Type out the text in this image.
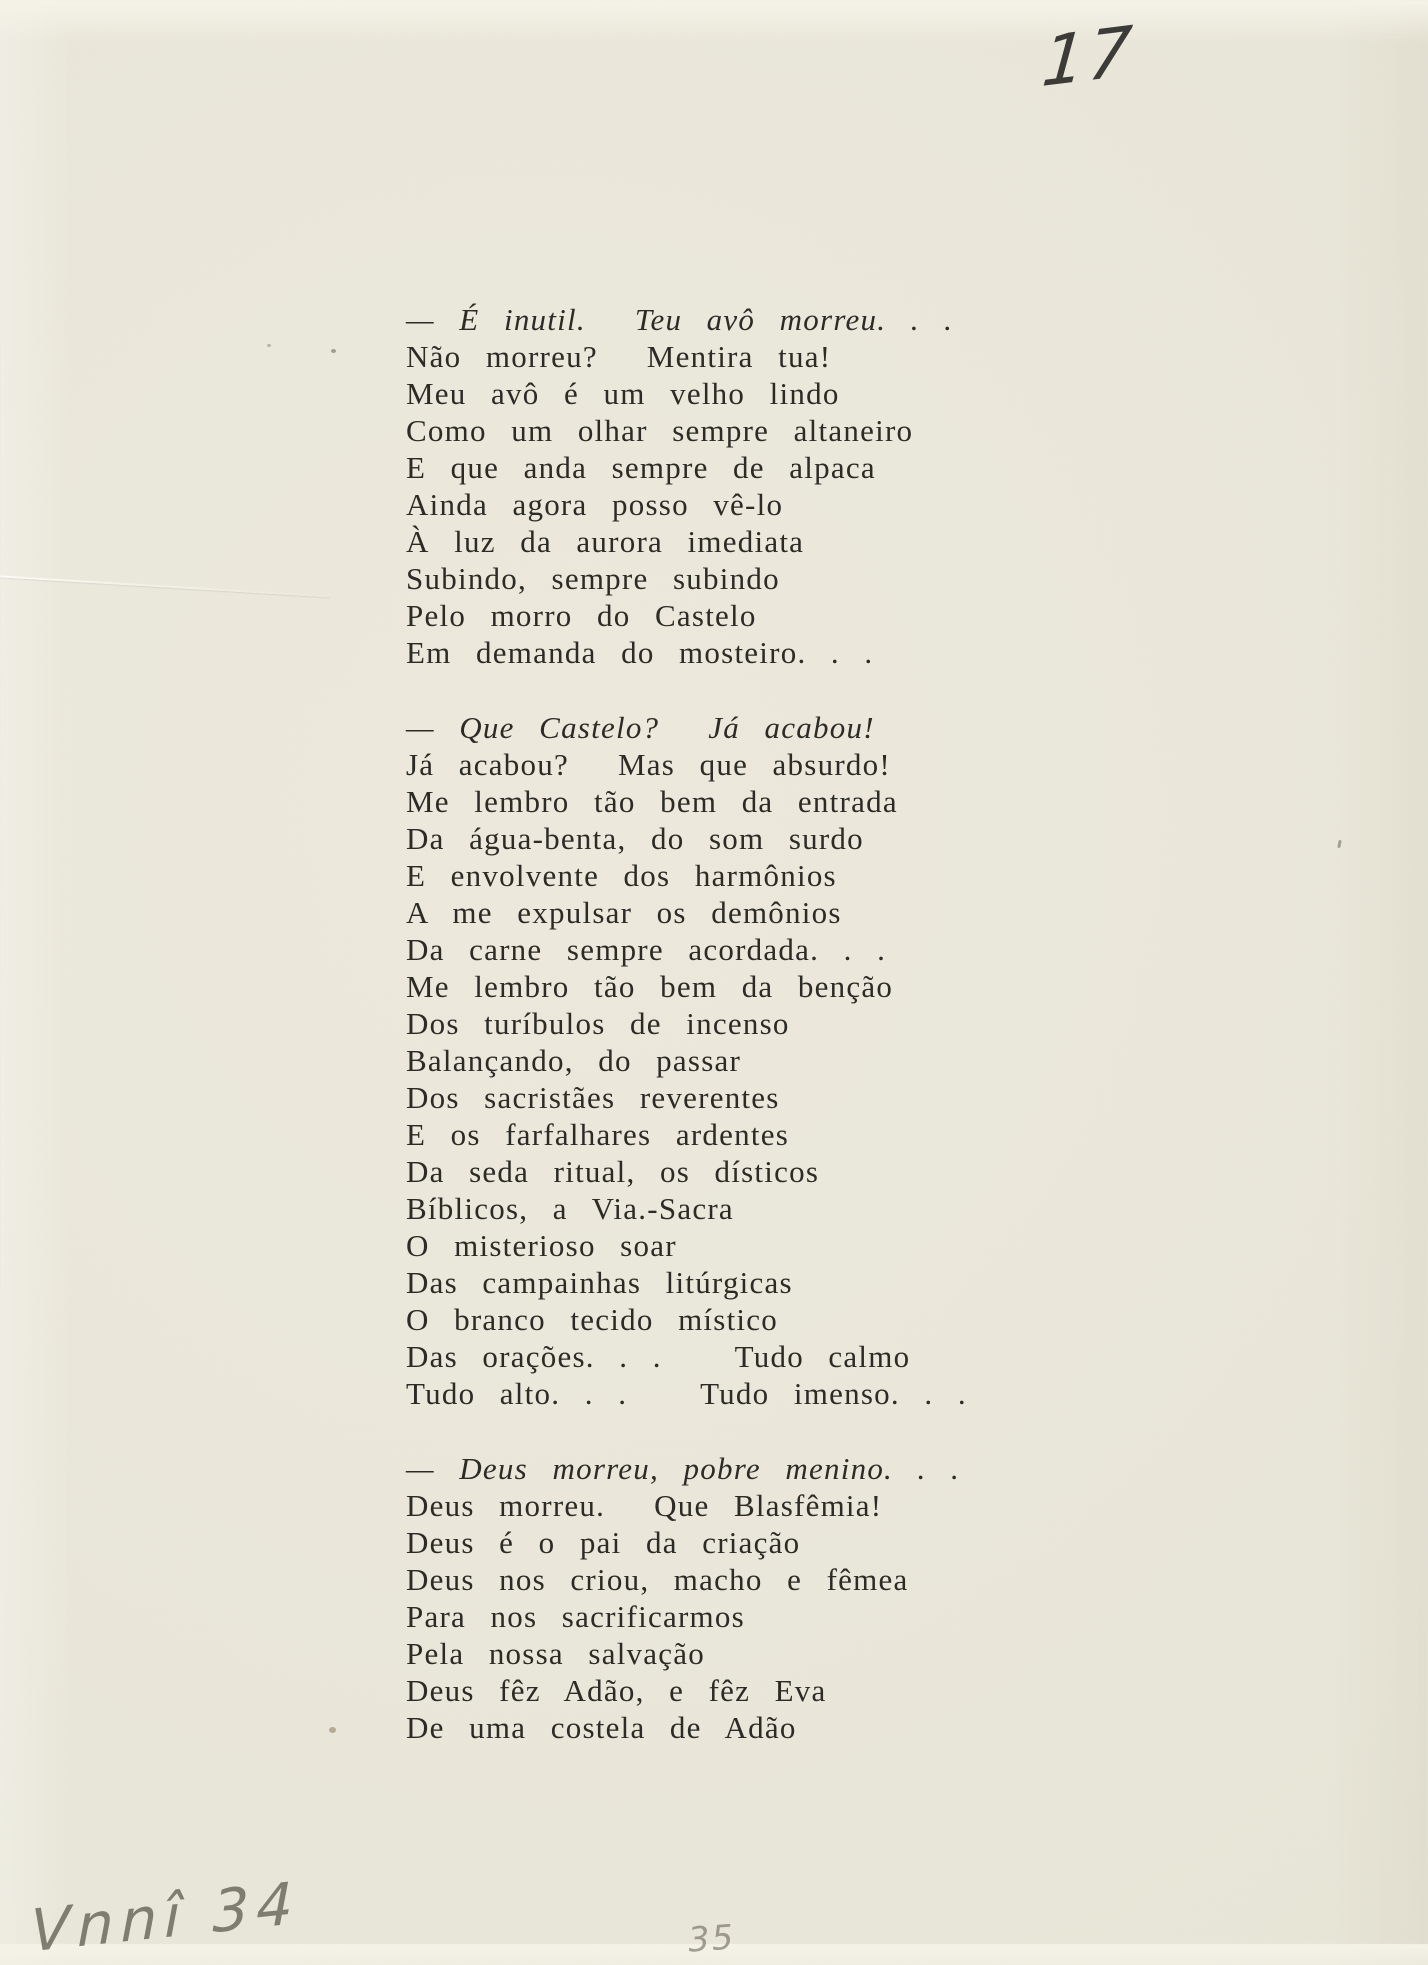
17
— É inutil.  Teu avô morreu. . .
Não morreu?  Mentira tua!
Meu avô é um velho lindo
Como um olhar sempre altaneiro
E que anda sempre de alpaca
Ainda agora posso vê-lo
À luz da aurora imediata
Subindo, sempre subindo
Pelo morro do Castelo
Em demanda do mosteiro. . .
— Que Castelo?  Já acabou!
Já acabou?  Mas que absurdo!
Me lembro tão bem da entrada
Da água-benta, do som surdo
E envolvente dos harmônios
A me expulsar os demônios
Da carne sempre acordada. . .
Me lembro tão bem da benção
Dos turíbulos de incenso
Balançando, do passar
Dos sacristães reverentes
E os farfalhares ardentes
Da seda ritual, os dísticos
Bíblicos, a Via.-Sacra
O misterioso soar
Das campainhas litúrgicas
O branco tecido místico
Das orações. . .   Tudo calmo
Tudo alto. . .   Tudo imenso. . .
— Deus morreu, pobre menino. . .
Deus morreu.  Que Blasfêmia!
Deus é o pai da criação
Deus nos criou, macho e fêmea
Para nos sacrificarmos
Pela nossa salvação
Deus fêz Adão, e fêz Eva
De uma costela de Adão
Vnnî 34	35
